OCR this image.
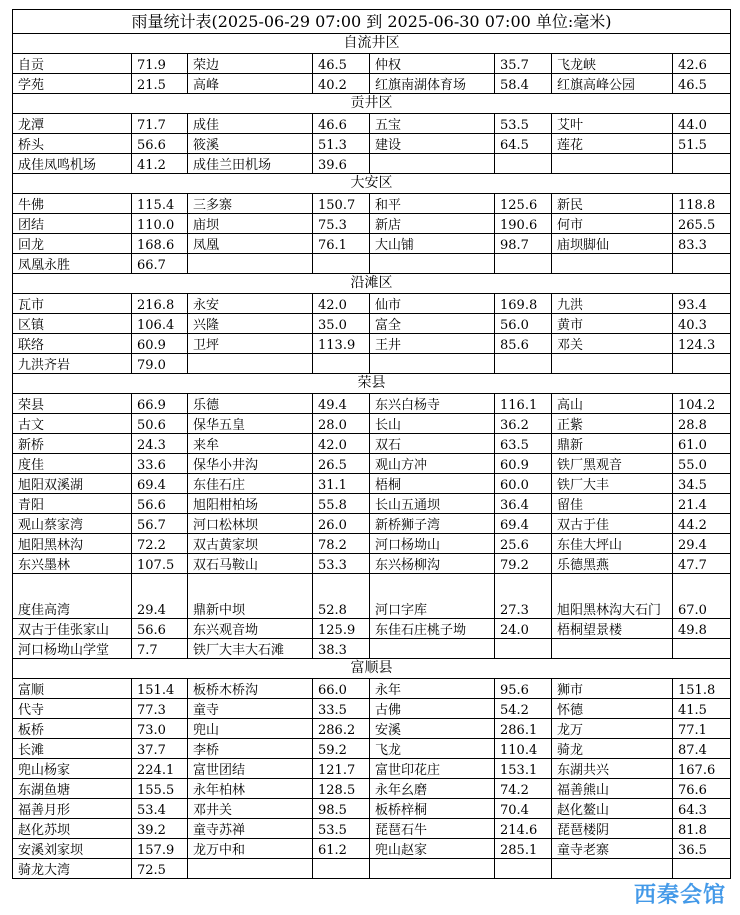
雨量统计表(2025-06-29 07:00 到 2025-06-30 07:00 单位:毫米)							
自流井区							
自贡	71.9	荣边	46.5	仲权	35.7	飞龙峡	42.6
学苑	21.5	高峰	40.2	红旗南湖体育场	58.4	红旗高峰公园	46.5
贡井区							
龙潭	71.7	成佳	46.6	五宝	53.5	艾叶	44.0
桥头	56.6	筱溪	51.3	建设	64.5	莲花	51.5
成佳凤鸣机场	41.2	成佳兰田机场	39.6				
大安区							
牛佛	115.4	三多寨	150.7	和平	125.6	新民	118.8
团结	110.0	庙坝	75.3	新店	190.6	何市	265.5
回龙	168.6	凤凰	76.1	大山铺	98.7	庙坝脚仙	83.3
凤凰永胜	66.7						
沿滩区							
瓦市	216.8	永安	42.0	仙市	169.8	九洪	93.4
区镇	106.4	兴隆	35.0	富全	56.0	黄市	40.3
联络	60.9	卫坪	113.9	王井	85.6	邓关	124.3
九洪齐岩	79.0						
荣县							
荣县	66.9	乐德	49.4	东兴白杨寺	116.1	高山	104.2
古文	50.6	保华五皇	28.0	长山	36.2	正紫	28.8
新桥	24.3	来牟	42.0	双石	63.5	鼎新	61.0
度佳	33.6	保华小井沟	26.5	观山方冲	60.9	铁厂黑观音	55.0
旭阳双溪湖	69.4	东佳石庄	31.1	梧桐	60.0	铁厂大丰	34.5
青阳	56.6	旭阳柑柏场	55.8	长山五通坝	36.4	留佳	21.4
观山蔡家湾	56.7	河口松林坝	26.0	新桥狮子湾	69.4	双古于佳	44.2
旭阳黑林沟	72.2	双古黄家坝	78.2	河口杨坳山	25.6	东佳大坪山	29.4
东兴墨林	107.5	双石马鞍山	53.3	东兴杨柳沟	79.2	乐德黑燕	47.7
度佳高湾	29.4	鼎新中坝	52.8	河口字库	27.3	旭阳黑林沟大石门	67.0
双古于佳张家山	56.6	东兴观音坳	125.9	东佳石庄桃子坳	24.0	梧桐望景楼	49.8
河口杨坳山学堂	7.7	铁厂大丰大石滩	38.3				
富顺县							
富顺	151.4	板桥木桥沟	66.0	永年	95.6	狮市	151.8
代寺	77.3	童寺	33.5	古佛	54.2	怀德	41.5
板桥	73.0	兜山	286.2	安溪	286.1	龙万	77.1
长滩	37.7	李桥	59.2	飞龙	110.4	骑龙	87.4
兜山杨家	224.1	富世团结	121.7	富世印花庄	153.1	东湖共兴	167.6
东湖鱼塘	155.5	永年柏林	128.5	永年幺磨	74.2	福善熊山	76.6
福善月形	53.4	邓井关	98.5	板桥梓桐	70.4	赵化鳌山	64.3
赵化苏坝	39.2	童寺苏禅	53.5	琵琶石牛	214.6	琵琶楼阴	81.8
安溪刘家坝	157.9	龙万中和	61.2	兜山赵家	285.1	童寺老寨	36.5
骑龙大湾	72.5						
西秦会馆
